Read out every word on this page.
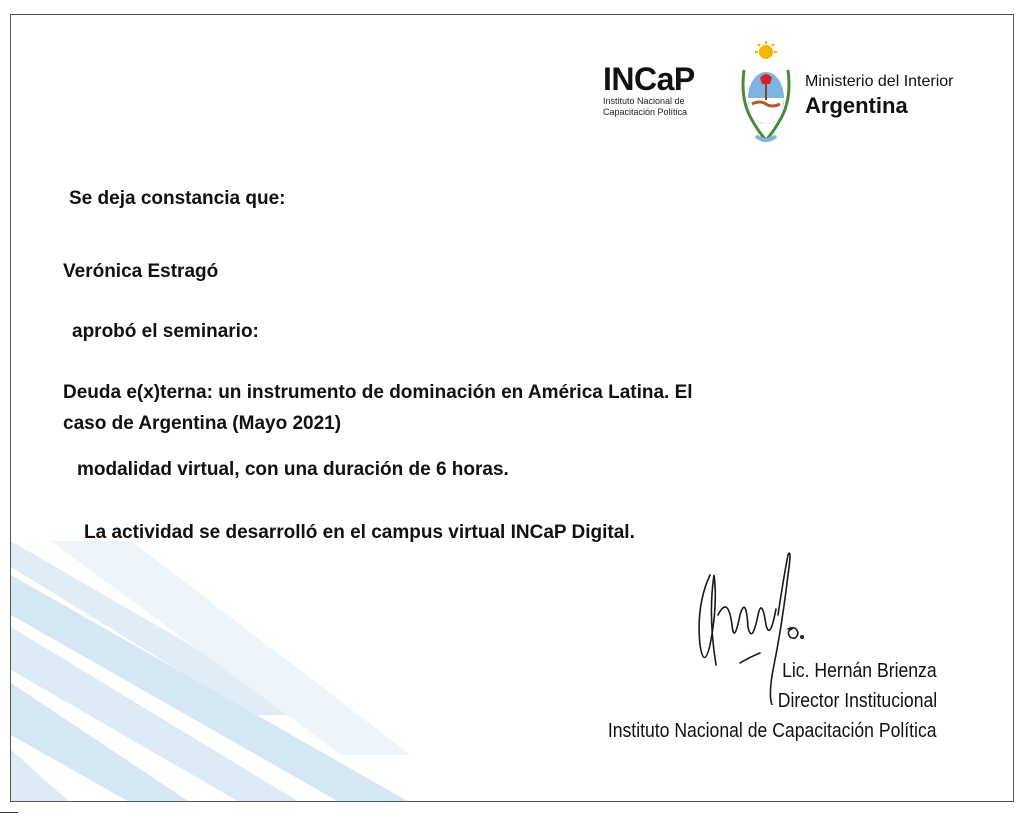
Se deja constancia que:
Verónica Estragó
aprobó el seminario:
Deuda e(x)terna: un instrumento de dominación en América Latina. El
caso de Argentina (Mayo 2021)
modalidad virtual, con una duración de 6 horas.
La actividad se desarrolló en el campus virtual INCaP Digital.
Lic. Hernán Brienza
Director Institucional
Instituto Nacional de Capacitación Política
INCaP
Instituto Nacional de
Capacitación Política
Ministerio del Interior
Argentina
